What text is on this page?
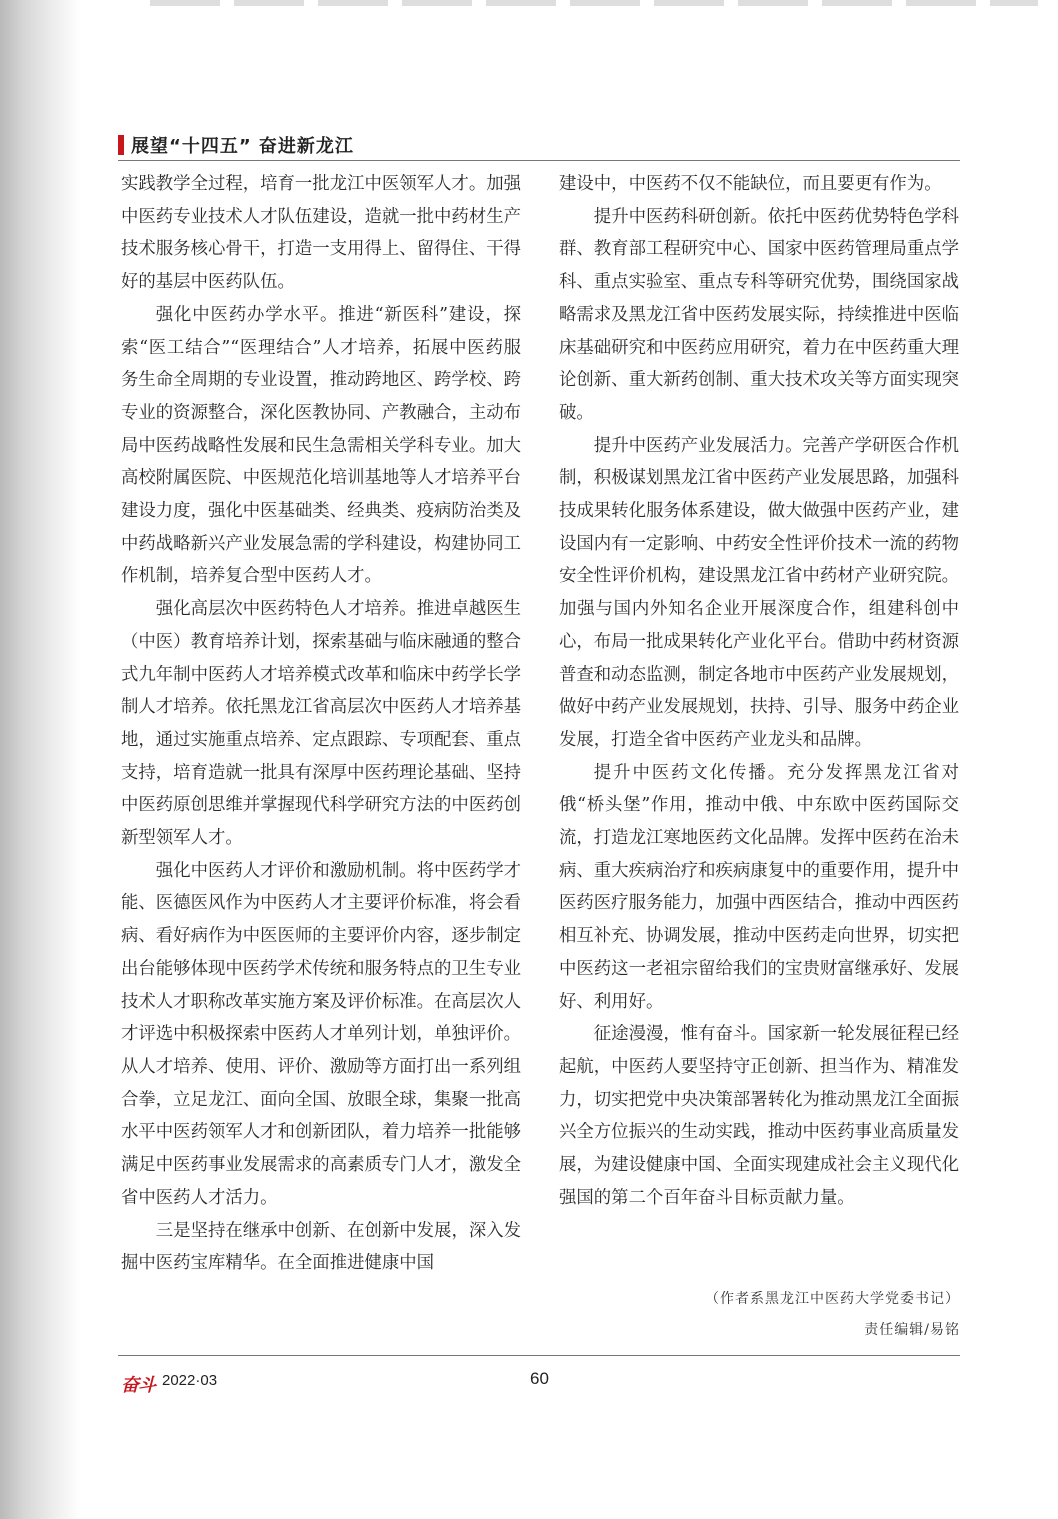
展望“十四五” 奋进新龙江

实践教学全过程，培育一批龙江中医领军人才。加强中医药专业技术人才队伍建设，造就一批中药材生产技术服务核心骨干，打造一支用得上、留得住、干得好的基层中医药队伍。

强化中医药办学水平。推进“新医科”建设，探索“医工结合”“医理结合”人才培养，拓展中医药服务生命全周期的专业设置，推动跨地区、跨学校、跨专业的资源整合，深化医教协同、产教融合，主动布局中医药战略性发展和民生急需相关学科专业。加大高校附属医院、中医规范化培训基地等人才培养平台建设力度，强化中医基础类、经典类、疫病防治类及中药战略新兴产业发展急需的学科建设，构建协同工作机制，培养复合型中医药人才。

强化高层次中医药特色人才培养。推进卓越医生（中医）教育培养计划，探索基础与临床融通的整合式九年制中医药人才培养模式改革和临床中药学长学制人才培养。依托黑龙江省高层次中医药人才培养基地，通过实施重点培养、定点跟踪、专项配套、重点支持，培育造就一批具有深厚中医药理论基础、坚持中医药原创思维并掌握现代科学研究方法的中医药创新型领军人才。

强化中医药人才评价和激励机制。将中医药学才能、医德医风作为中医药人才主要评价标准，将会看病、看好病作为中医医师的主要评价内容，逐步制定出台能够体现中医药学术传统和服务特点的卫生专业技术人才职称改革实施方案及评价标准。在高层次人才评选中积极探索中医药人才单列计划，单独评价。从人才培养、使用、评价、激励等方面打出一系列组合拳，立足龙江、面向全国、放眼全球，集聚一批高水平中医药领军人才和创新团队，着力培养一批能够满足中医药事业发展需求的高素质专门人才，激发全省中医药人才活力。

三是坚持在继承中创新、在创新中发展，深入发掘中医药宝库精华。在全面推进健康中国

建设中，中医药不仅不能缺位，而且要更有作为。

提升中医药科研创新。依托中医药优势特色学科群、教育部工程研究中心、国家中医药管理局重点学科、重点实验室、重点专科等研究优势，围绕国家战略需求及黑龙江省中医药发展实际，持续推进中医临床基础研究和中医药应用研究，着力在中医药重大理论创新、重大新药创制、重大技术攻关等方面实现突破。

提升中医药产业发展活力。完善产学研医合作机制，积极谋划黑龙江省中医药产业发展思路，加强科技成果转化服务体系建设，做大做强中医药产业，建设国内有一定影响、中药安全性评价技术一流的药物安全性评价机构，建设黑龙江省中药材产业研究院。加强与国内外知名企业开展深度合作，组建科创中心，布局一批成果转化产业化平台。借助中药材资源普查和动态监测，制定各地市中医药产业发展规划，做好中药产业发展规划，扶持、引导、服务中药企业发展，打造全省中医药产业龙头和品牌。

提升中医药文化传播。充分发挥黑龙江省对俄“桥头堡”作用，推动中俄、中东欧中医药国际交流，打造龙江寒地医药文化品牌。发挥中医药在治未病、重大疾病治疗和疾病康复中的重要作用，提升中医药医疗服务能力，加强中西医结合，推动中西医药相互补充、协调发展，推动中医药走向世界，切实把中医药这一老祖宗留给我们的宝贵财富继承好、发展好、利用好。

征途漫漫，惟有奋斗。国家新一轮发展征程已经起航，中医药人要坚持守正创新、担当作为、精准发力，切实把党中央决策部署转化为推动黑龙江全面振兴全方位振兴的生动实践，推动中医药事业高质量发展，为建设健康中国、全面实现建成社会主义现代化强国的第二个百年奋斗目标贡献力量。

（作者系黑龙江中医药大学党委书记）
责任编辑/易铭
奋斗 2022·03	60
